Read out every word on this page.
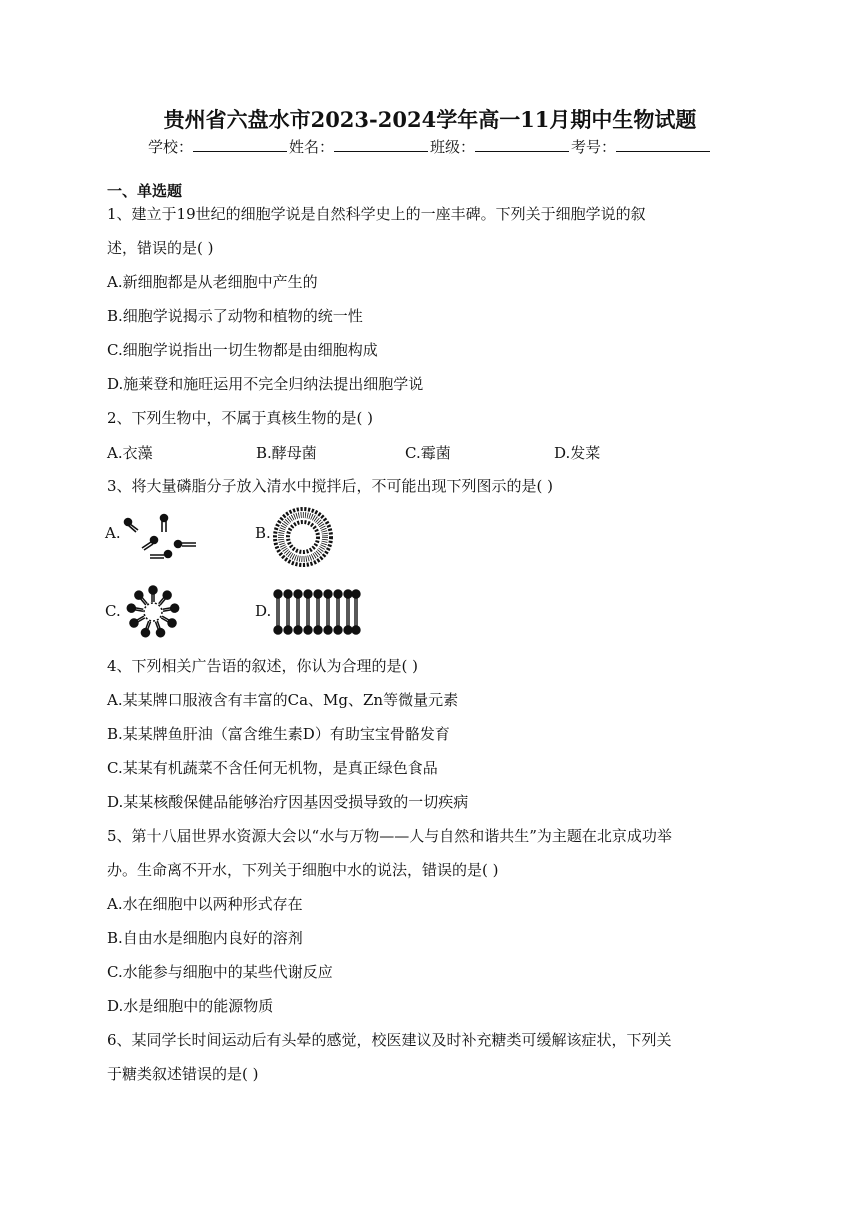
贵州省六盘水市2023-2024学年高一11月期中生物试题
学校：	姓名：	班级：	考号：
一、单选题
1、建立于19世纪的细胞学说是自然科学史上的一座丰碑。下列关于细胞学说的叙
述，错误的是( )
A.新细胞都是从老细胞中产生的
B.细胞学说揭示了动物和植物的统一性
C.细胞学说指出一切生物都是由细胞构成
D.施莱登和施旺运用不完全归纳法提出细胞学说
2、下列生物中，不属于真核生物的是( )
A.衣藻	B.酵母菌	C.霉菌	D.发菜
3、将大量磷脂分子放入清水中搅拌后，不可能出现下列图示的是( )
A.	B.
C.	D.
4、下列相关广告语的叙述，你认为合理的是( )
A.某某牌口服液含有丰富的Ca、Mg、Zn等微量元素
B.某某牌鱼肝油（富含维生素D）有助宝宝骨骼发育
C.某某有机蔬菜不含任何无机物，是真正绿色食品
D.某某核酸保健品能够治疗因基因受损导致的一切疾病
5、第十八届世界水资源大会以“水与万物——人与自然和谐共生”为主题在北京成功举
办。生命离不开水，下列关于细胞中水的说法，错误的是( )
A.水在细胞中以两种形式存在
B.自由水是细胞内良好的溶剂
C.水能参与细胞中的某些代谢反应
D.水是细胞中的能源物质
6、某同学长时间运动后有头晕的感觉，校医建议及时补充糖类可缓解该症状，下列关
于糖类叙述错误的是( )
